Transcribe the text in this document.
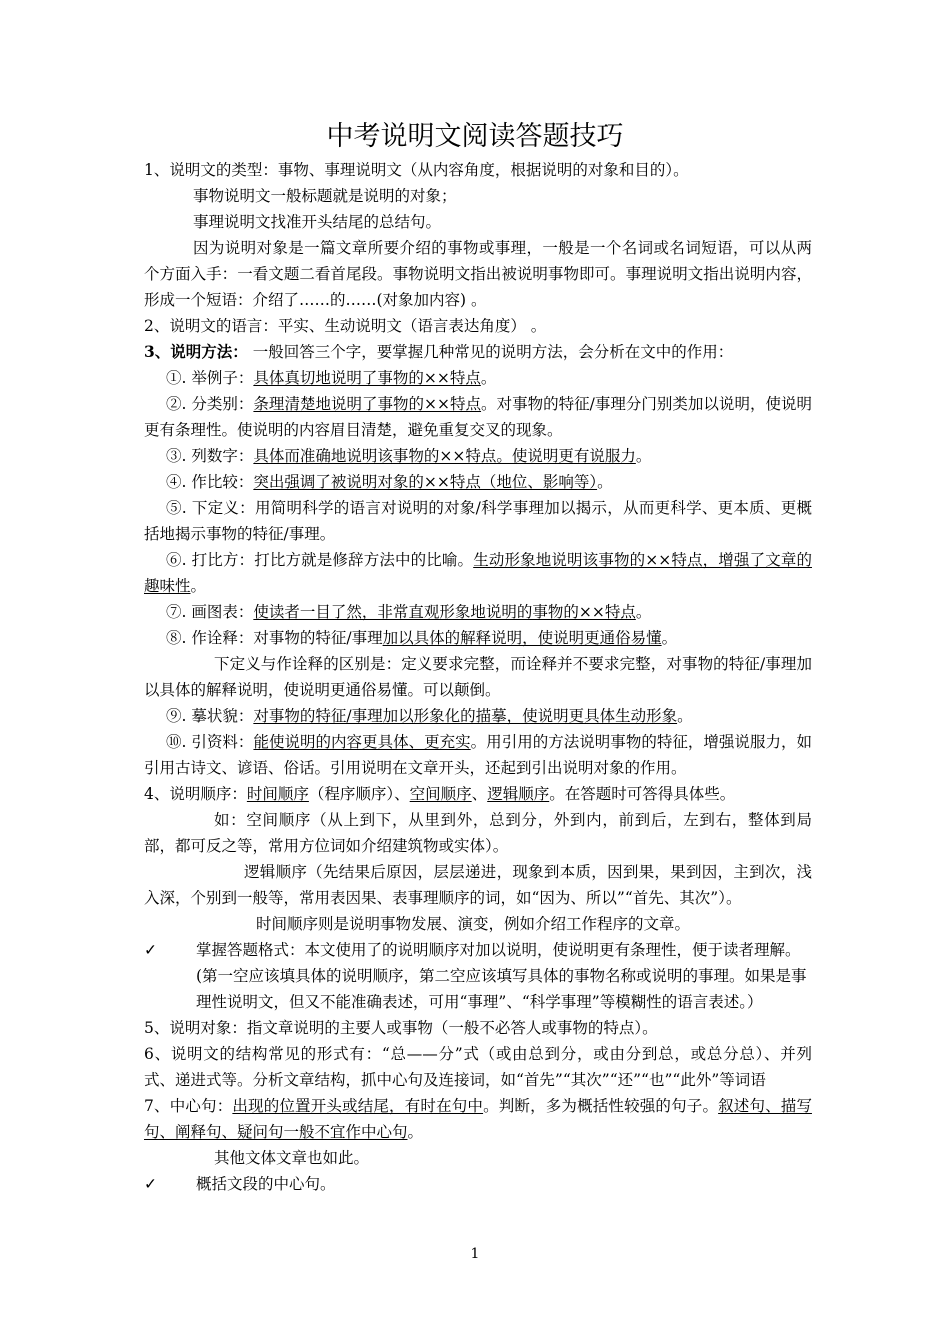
中考说明文阅读答题技巧

1、说明文的类型：事物、事理说明文（从内容角度，根据说明的对象和目的）。

事物说明文一般标题就是说明的对象；

事理说明文找准开头结尾的总结句。

因为说明对象是一篇文章所要介绍的事物或事理，一般是一个名词或名词短语，可以从两个方面入手：一看文题二看首尾段。事物说明文指出被说明事物即可。事理说明文指出说明内容，形成一个短语：介绍了……的……(对象加内容) 。

2、说明文的语言：平实、生动说明文（语言表达角度） 。

3、说明方法： 一般回答三个字，要掌握几种常见的说明方法，会分析在文中的作用：

①. 举例子：具体真切地说明了事物的××特点。

②. 分类别：条理清楚地说明了事物的××特点。对事物的特征/事理分门别类加以说明，使说明更有条理性。使说明的内容眉目清楚，避免重复交叉的现象。

③. 列数字：具体而准确地说明该事物的××特点。使说明更有说服力。

④. 作比较：突出强调了被说明对象的××特点（地位、影响等）。

⑤. 下定义：用简明科学的语言对说明的对象/科学事理加以揭示，从而更科学、更本质、更概括地揭示事物的特征/事理。

⑥. 打比方：打比方就是修辞方法中的比喻。生动形象地说明该事物的××特点，增强了文章的趣味性。

⑦. 画图表：使读者一目了然，非常直观形象地说明的事物的××特点。

⑧. 作诠释：对事物的特征/事理加以具体的解释说明，使说明更通俗易懂。

下定义与作诠释的区别是：定义要求完整，而诠释并不要求完整，对事物的特征/事理加以具体的解释说明，使说明更通俗易懂。可以颠倒。

⑨. 摹状貌：对事物的特征/事理加以形象化的描摹，使说明更具体生动形象。

⑩. 引资料：能使说明的内容更具体、更充实。用引用的方法说明事物的特征，增强说服力，如引用古诗文、谚语、俗话。引用说明在文章开头，还起到引出说明对象的作用。

4、说明顺序：时间顺序（程序顺序）、空间顺序、逻辑顺序。在答题时可答得具体些。

如：空间顺序（从上到下，从里到外，总到分，外到内，前到后，左到右，整体到局部，都可反之等，常用方位词如介绍建筑物或实体）。

逻辑顺序（先结果后原因，层层递进，现象到本质，因到果，果到因，主到次，浅入深，个别到一般等，常用表因果、表事理顺序的词，如“因为、所以”“首先、其次”）。

时间顺序则是说明事物发展、演变，例如介绍工作程序的文章。

✓	掌握答题格式：本文使用了的说明顺序对加以说明，使说明更有条理性，便于读者理解。(第一空应该填具体的说明顺序，第二空应该填写具体的事物名称或说明的事理。如果是事理性说明文，但又不能准确表述，可用“事理”、“科学事理”等模糊性的语言表述。）

5、说明对象：指文章说明的主要人或事物（一般不必答人或事物的特点）。

6、说明文的结构常见的形式有：“总——分”式（或由总到分，或由分到总，或总分总）、并列式、递进式等。分析文章结构，抓中心句及连接词，如“首先”“其次”“还”“也”“此外”等词语

7、中心句：出现的位置开头或结尾，有时在句中。判断，多为概括性较强的句子。叙述句、描写句、阐释句、疑问句一般不宜作中心句。

其他文体文章也如此。

✓	概括文段的中心句。
1
